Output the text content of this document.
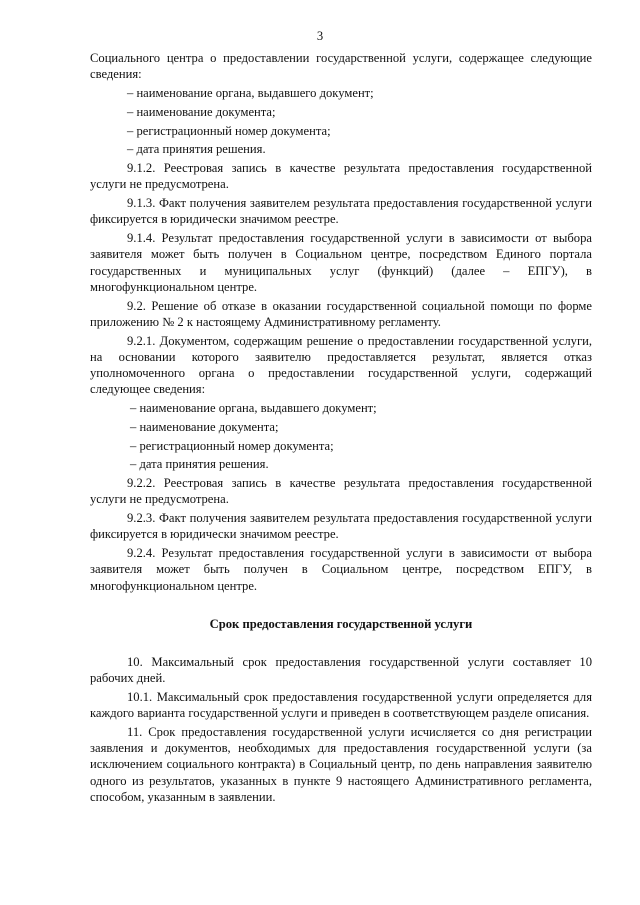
3

Социального центра о предоставлении государственной услуги, содержащее следующие сведения:

– наименование органа, выдавшего документ;
– наименование документа;
– регистрационный номер документа;
– дата принятия решения.

9.1.2. Реестровая запись в качестве результата предоставления государственной услуги не предусмотрена.

9.1.3. Факт получения заявителем результата предоставления государственной услуги фиксируется в юридически значимом реестре.

9.1.4. Результат предоставления государственной услуги в зависимости от выбора заявителя может быть получен в Социальном центре, посредством Единого портала государственных и муниципальных услуг (функций) (далее – ЕПГУ), в многофункциональном центре.

9.2. Решение об отказе в оказании государственной социальной помощи по форме приложению № 2 к настоящему Административному регламенту.

9.2.1. Документом, содержащим решение о предоставлении государственной услуги, на основании которого заявителю предоставляется результат, является отказ уполномоченного органа о предоставлении государственной услуги, содержащий следующее сведения:

– наименование органа, выдавшего документ;
– наименование документа;
– регистрационный номер документа;
– дата принятия решения.

9.2.2. Реестровая запись в качестве результата предоставления государственной услуги не предусмотрена.

9.2.3. Факт получения заявителем результата предоставления государственной услуги фиксируется в юридически значимом реестре.

9.2.4. Результат предоставления государственной услуги в зависимости от выбора заявителя может быть получен в Социальном центре, посредством ЕПГУ, в многофункциональном центре.

Срок предоставления государственной услуги

10. Максимальный срок предоставления государственной услуги составляет 10 рабочих дней.

10.1. Максимальный срок предоставления государственной услуги определяется для каждого варианта государственной услуги и приведен в соответствующем разделе описания.

11. Срок предоставления государственной услуги исчисляется со дня регистрации заявления и документов, необходимых для предоставления государственной услуги (за исключением социального контракта) в Социальный центр, по день направления заявителю одного из результатов, указанных в пункте 9 настоящего Административного регламента, способом, указанным в заявлении.
